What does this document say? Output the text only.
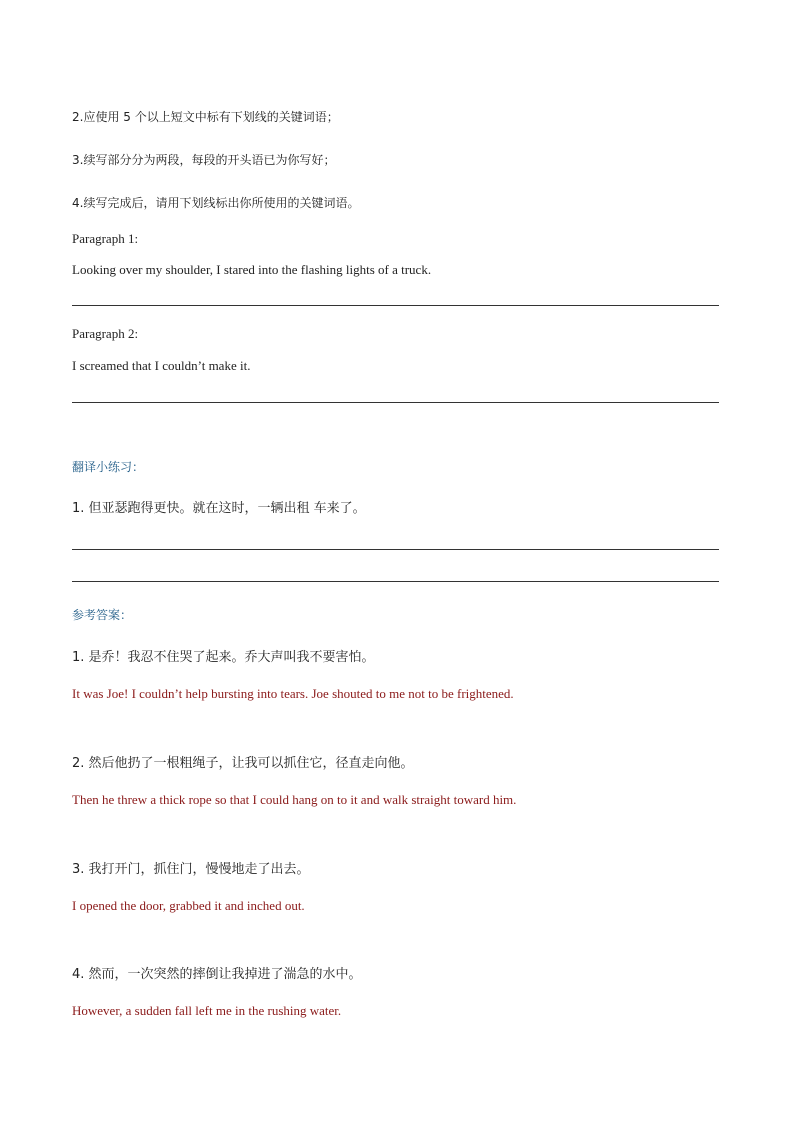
2.应使用 5 个以上短文中标有下划线的关键词语；
3.续写部分分为两段，每段的开头语已为你写好；
4.续写完成后，请用下划线标出你所使用的关键词语。
Paragraph 1:
Looking over my shoulder, I stared into the flashing lights of a truck.
Paragraph 2:
I screamed that I couldn’t make it.
翻译小练习：
1. 但亚瑟跑得更快。就在这时，一辆出租 车来了。
参考答案：
1. 是乔！我忍不住哭了起来。乔大声叫我不要害怕。
It was Joe! I couldn’t help bursting into tears. Joe shouted to me not to be frightened.
2. 然后他扔了一根粗绳子，让我可以抓住它，径直走向他。
Then he threw a thick rope so that I could hang on to it and walk straight toward him.
3. 我打开门，抓住门，慢慢地走了出去。
I opened the door, grabbed it and inched out.
4. 然而，一次突然的摔倒让我掉进了湍急的水中。
However, a sudden fall left me in the rushing water.
